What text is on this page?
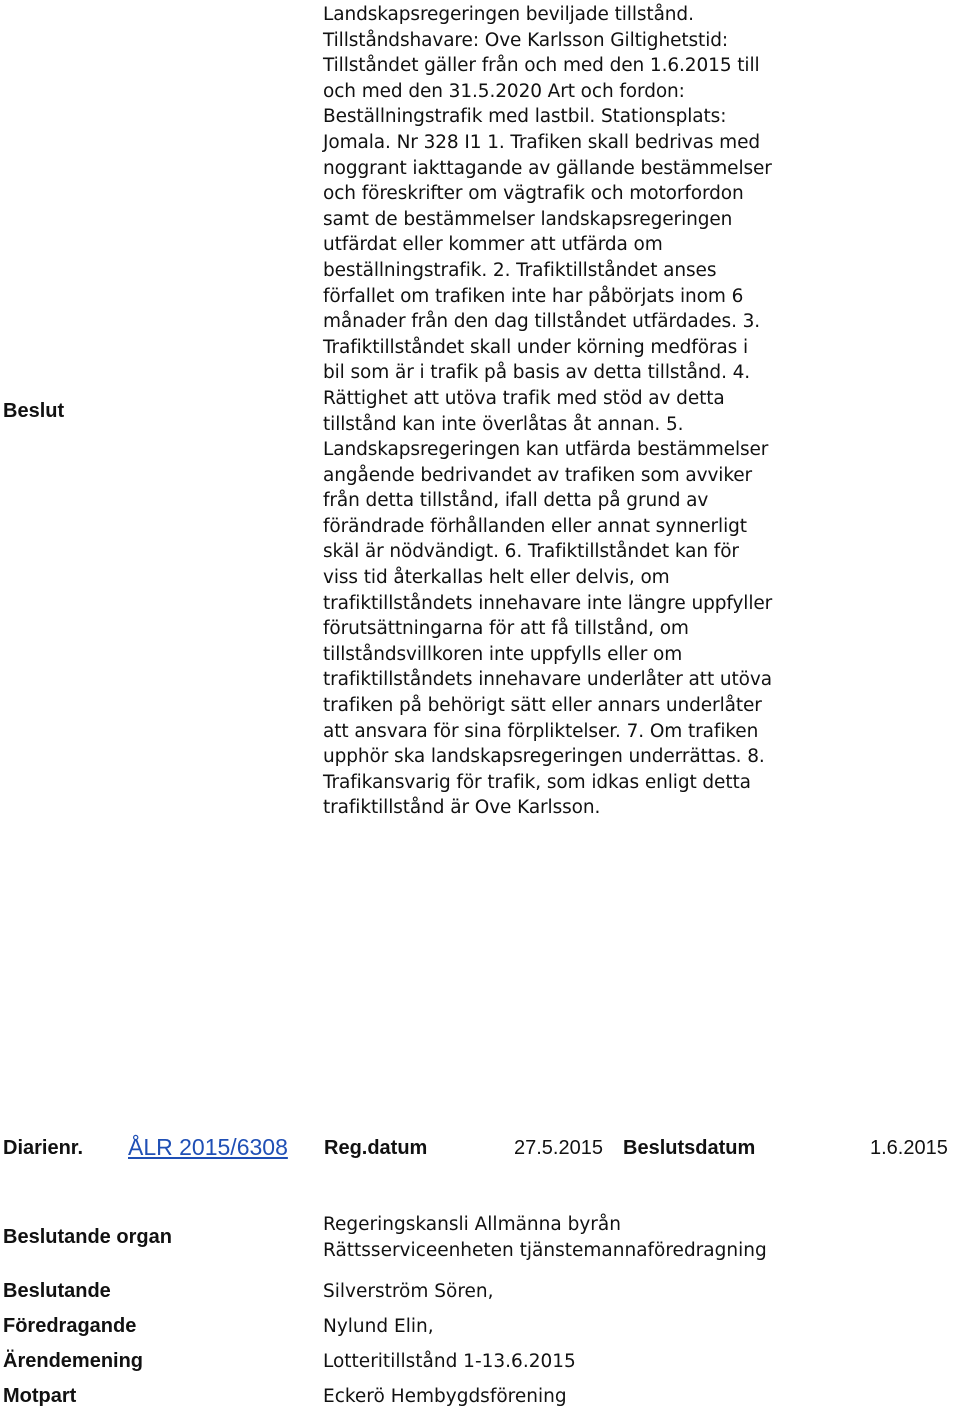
Beslut
Landskapsregeringen beviljade tillstånd.
Tillståndshavare: Ove Karlsson Giltighetstid:
Tillståndet gäller från och med den 1.6.2015 till
och med den 31.5.2020 Art och fordon:
Beställningstrafik med lastbil. Stationsplats:
Jomala. Nr 328 I1 1. Trafiken skall bedrivas med
noggrant iakttagande av gällande bestämmelser
och föreskrifter om vägtrafik och motorfordon
samt de bestämmelser landskapsregeringen
utfärdat eller kommer att utfärda om
beställningstrafik. 2. Trafiktillståndet anses
förfallet om trafiken inte har påbörjats inom 6
månader från den dag tillståndet utfärdades. 3.
Trafiktillståndet skall under körning medföras i
bil som är i trafik på basis av detta tillstånd. 4.
Rättighet att utöva trafik med stöd av detta
tillstånd kan inte överlåtas åt annan. 5.
Landskapsregeringen kan utfärda bestämmelser
angående bedrivandet av trafiken som avviker
från detta tillstånd, ifall detta på grund av
förändrade förhållanden eller annat synnerligt
skäl är nödvändigt. 6. Trafiktillståndet kan för
viss tid återkallas helt eller delvis, om
trafiktillståndets innehavare inte längre uppfyller
förutsättningarna för att få tillstånd, om
tillståndsvillkoren inte uppfylls eller om
trafiktillståndets innehavare underlåter att utöva
trafiken på behörigt sätt eller annars underlåter
att ansvara för sina förpliktelser. 7. Om trafiken
upphör ska landskapsregeringen underrättas. 8.
Trafikansvarig för trafik, som idkas enligt detta
trafiktillstånd är Ove Karlsson.
Diarienr. ÅLR 2015/6308 Reg.datum	27.5.2015 Beslutsdatum	1.6.2015
Beslutande organ
Regeringskansli Allmänna byrån
Rättsserviceenheten tjänstemannaföredragning
Beslutande	Silverström Sören,
Föredragande	Nylund Elin,
Ärendemening	Lotteritillstånd 1-13.6.2015
Motpart	Eckerö Hembygdsförening
